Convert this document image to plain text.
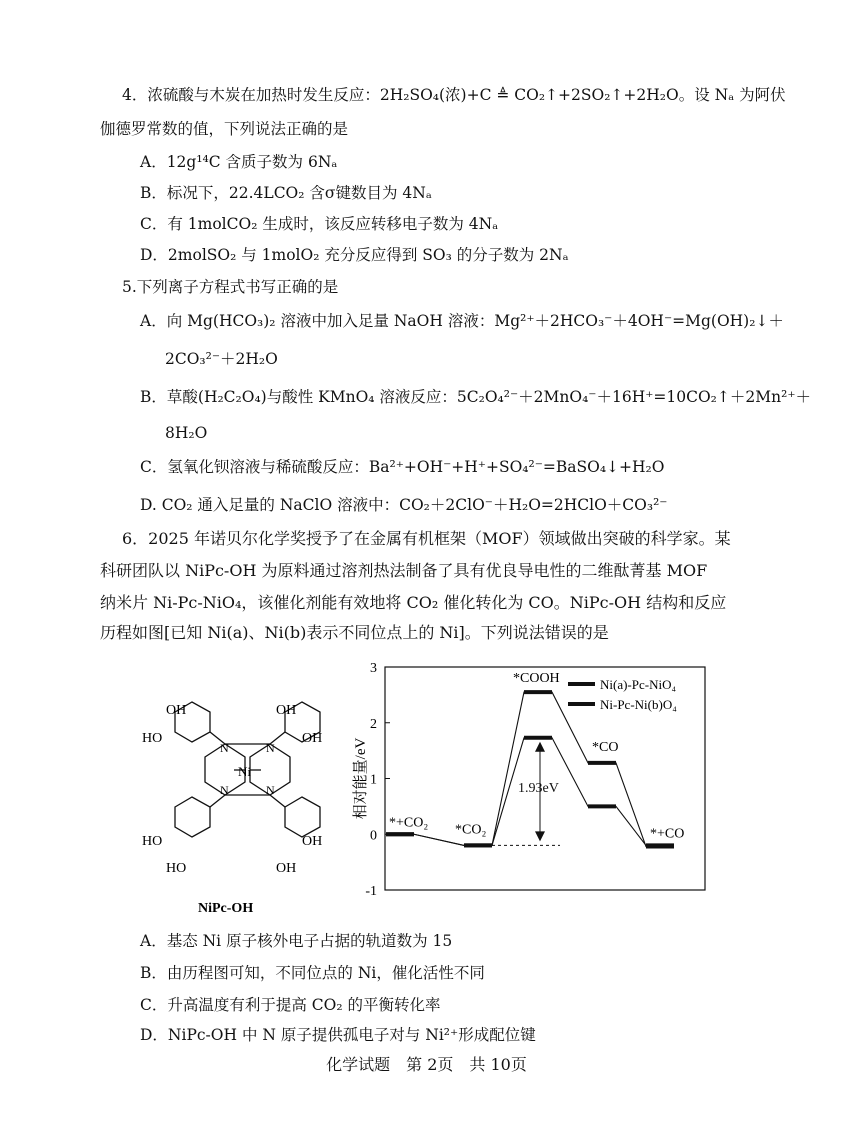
4．浓硫酸与木炭在加热时发生反应：2H₂SO₄(浓)+C ≜ CO₂↑+2SO₂↑+2H₂O。设 Nₐ 为阿伏
伽德罗常数的值，下列说法正确的是
A．12g¹⁴C 含质子数为 6Nₐ
B．标况下，22.4LCO₂ 含σ键数目为 4Nₐ
C．有 1molCO₂ 生成时，该反应转移电子数为 4Nₐ
D．2molSO₂ 与 1molO₂ 充分反应得到 SO₃ 的分子数为 2Nₐ
5.下列离子方程式书写正确的是
A．向 Mg(HCO₃)₂ 溶液中加入足量 NaOH 溶液：Mg²⁺＋2HCO₃⁻＋4OH⁻=Mg(OH)₂↓＋
2CO₃²⁻＋2H₂O
B．草酸(H₂C₂O₄)与酸性 KMnO₄ 溶液反应：5C₂O₄²⁻＋2MnO₄⁻＋16H⁺=10CO₂↑＋2Mn²⁺＋
8H₂O
C．氢氧化钡溶液与稀硫酸反应：Ba²⁺+OH⁻+H⁺+SO₄²⁻=BaSO₄↓+H₂O
D. CO₂ 通入足量的 NaClO 溶液中：CO₂＋2ClO⁻＋H₂O=2HClO＋CO₃²⁻
6．2025 年诺贝尔化学奖授予了在金属有机框架（MOF）领域做出突破的科学家。某
科研团队以 NiPc-OH 为原料通过溶剂热法制备了具有优良导电性的二维酞菁基 MOF
纳米片 Ni-Pc-NiO₄，该催化剂能有效地将 CO₂ 催化转化为 CO。NiPc-OH 结构和反应
历程如图[已知 Ni(a)、Ni(b)表示不同位点上的 Ni]。下列说法错误的是
OH
HO
OH
OH
HO
HO
OH
OH
N	N
N	N
Ni
NiPc-OH
3
2
1
0
-1
相对能量/eV
*+CO₂ *CO₂
*COOH
*CO
*+CO
1.93eV
Ni(a)-Pc-NiO₄
Ni-Pc-Ni(b)O₄
A．基态 Ni 原子核外电子占据的轨道数为 15
B．由历程图可知，不同位点的 Ni，催化活性不同
C．升高温度有利于提高 CO₂ 的平衡转化率
D．NiPc-OH 中 N 原子提供孤电子对与 Ni²⁺形成配位键
化学试题　第 2页　共 10页
